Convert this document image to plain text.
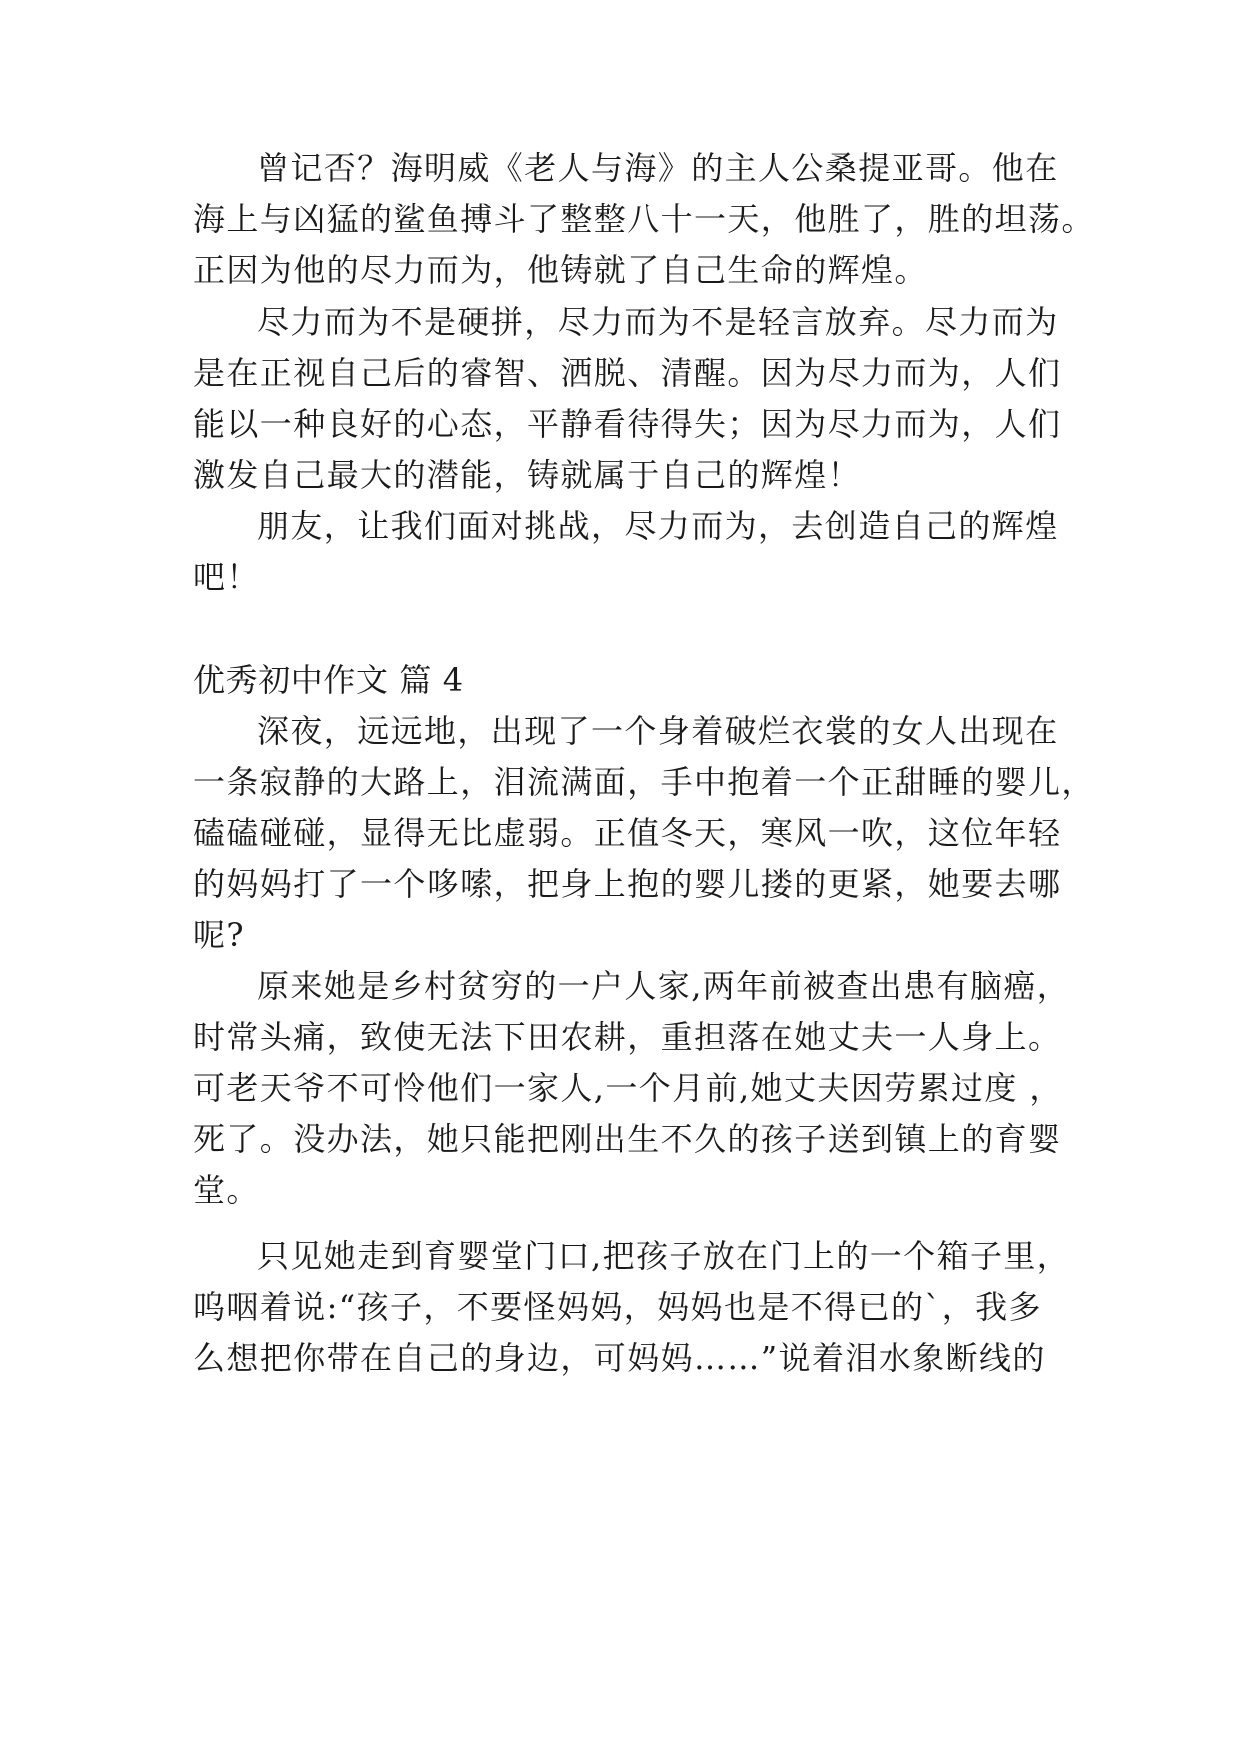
曾记否？海明威《老人与海》的主人公桑提亚哥。他在
海上与凶猛的鲨鱼搏斗了整整八十一天，他胜了，胜的坦荡。
正因为他的尽力而为，他铸就了自己生命的辉煌。
尽力而为不是硬拼，尽力而为不是轻言放弃。尽力而为
是在正视自己后的睿智、洒脱、清醒。因为尽力而为，人们
能以一种良好的心态，平静看待得失；因为尽力而为，人们
激发自己最大的潜能，铸就属于自己的辉煌！
朋友，让我们面对挑战，尽力而为，去创造自己的辉煌
吧！
优秀初中作文 篇 4
深夜，远远地，出现了一个身着破烂衣裳的女人出现在
一条寂静的大路上，泪流满面，手中抱着一个正甜睡的婴儿，
磕磕碰碰，显得无比虚弱。正值冬天，寒风一吹，这位年轻
的妈妈打了一个哆嗦，把身上抱的婴儿搂的更紧，她要去哪
呢?
原来她是乡村贫穷的一户人家,两年前被查出患有脑癌，
时常头痛，致使无法下田农耕，重担落在她丈夫一人身上。
可老天爷不可怜他们一家人,一个月前,她丈夫因劳累过度 ，
死了。没办法，她只能把刚出生不久的孩子送到镇上的育婴
堂。
只见她走到育婴堂门口,把孩子放在门上的一个箱子里，
呜咽着说:“孩子，不要怪妈妈，妈妈也是不得已的`，我多
么想把你带在自己的身边，可妈妈……”说着泪水象断线的
